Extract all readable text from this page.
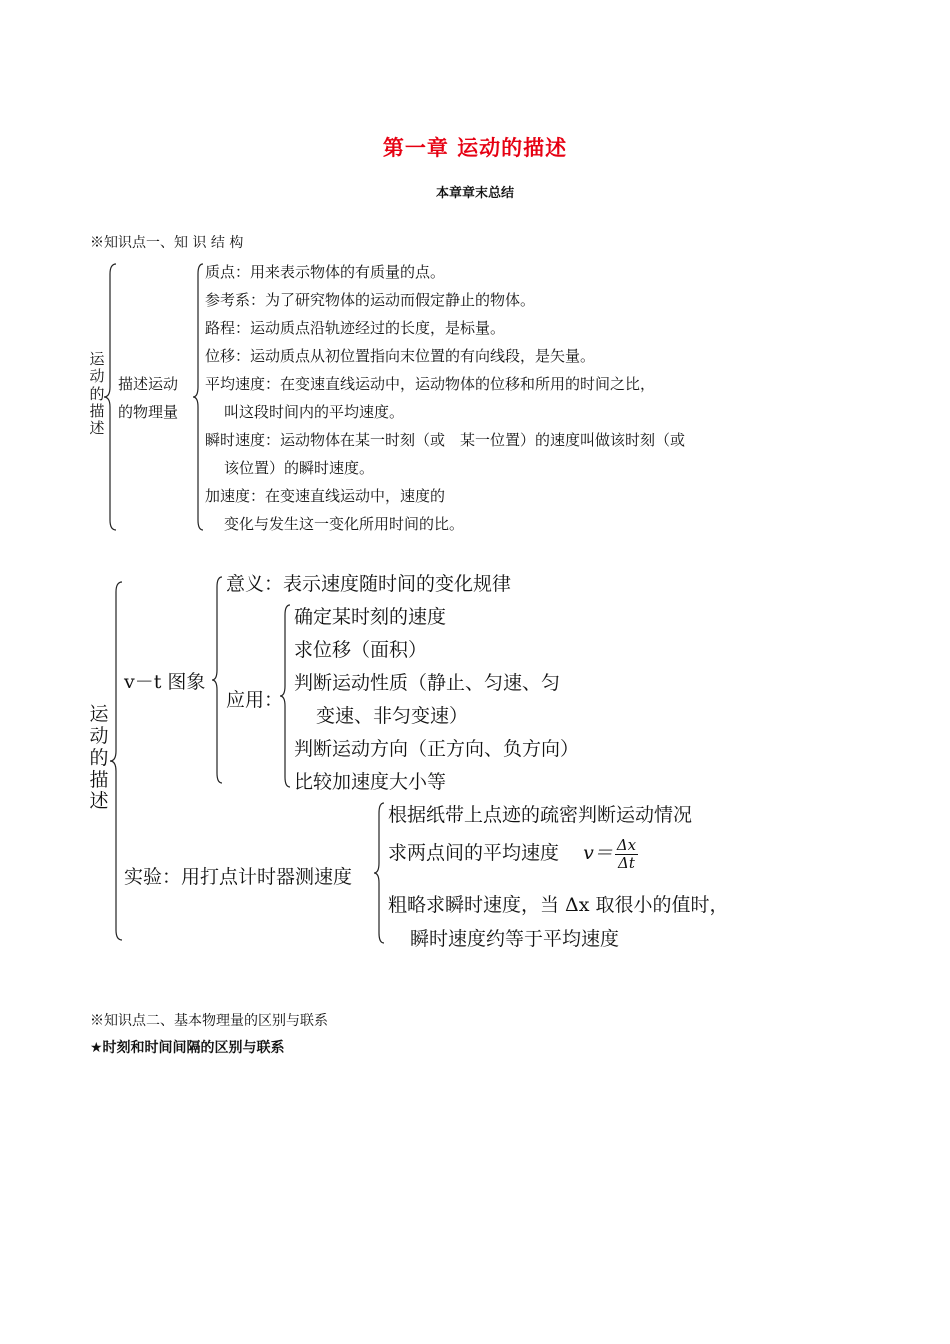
第一章 运动的描述
本章章末总结
※知识点一、知 识 结 构
运动的描述
描述运动
的物理量
质点：用来表示物体的有质量的点。
参考系：为了研究物体的运动而假定静止的物体。
路程：运动质点沿轨迹经过的长度，是标量。
位移：运动质点从初位置指向末位置的有向线段，是矢量。
平均速度：在变速直线运动中，运动物体的位移和所用的时间之比，
叫这段时间内的平均速度。
瞬时速度：运动物体在某一时刻（或　某一位置）的速度叫做该时刻（或
该位置）的瞬时速度。
加速度：在变速直线运动中，速度的
变化与发生这一变化所用时间的比。
运动的描述
v－t 图象
意义：表示速度随时间的变化规律
应用：
确定某时刻的速度
求位移（面积）
判断运动性质（静止、匀速、匀
变速、非匀变速）
判断运动方向（正方向、负方向）
比较加速度大小等
实验：用打点计时器测速度
根据纸带上点迹的疏密判断运动情况
求两点间的平均速度 $v= \frac{\Delta x}{\Delta t}$
粗略求瞬时速度，当 Δx 取很小的值时，
瞬时速度约等于平均速度
※知识点二、基本物理量的区别与联系
★时刻和时间间隔的区别与联系
